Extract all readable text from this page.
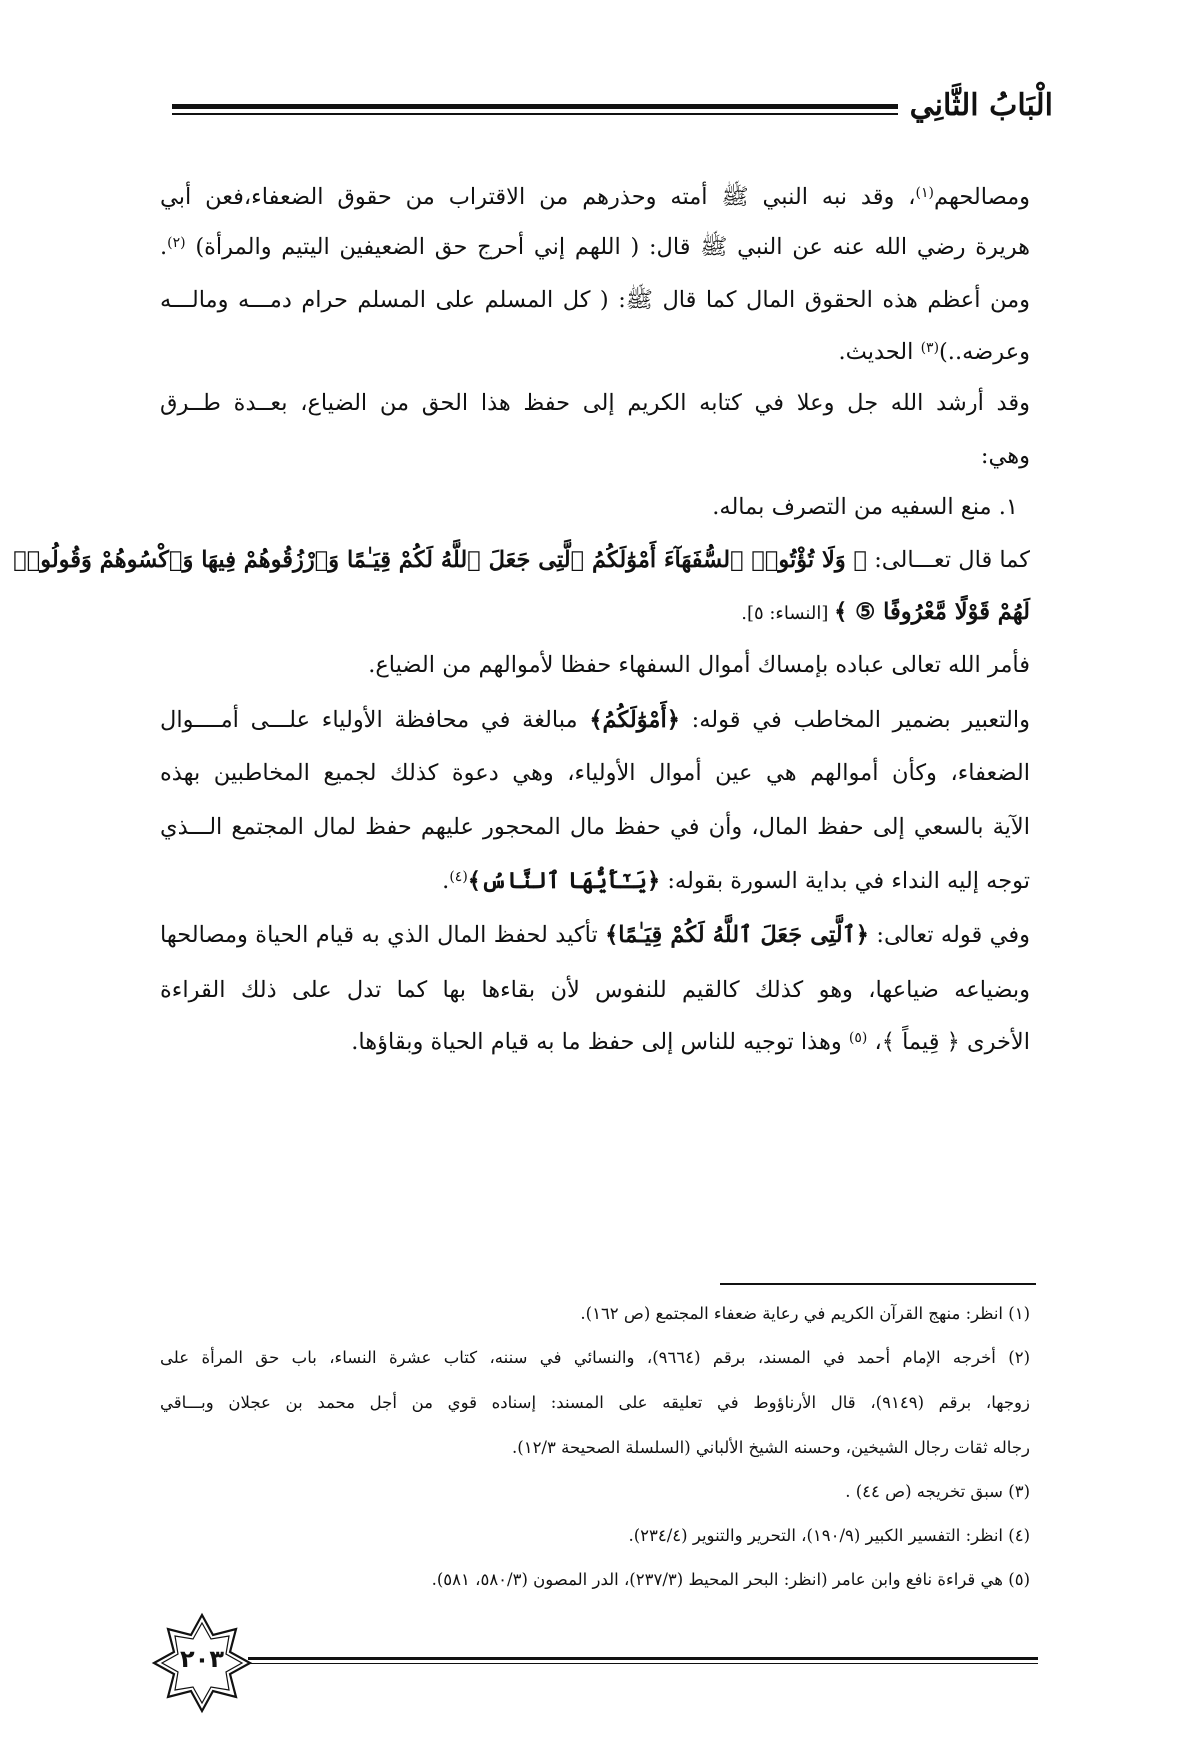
الْبَابُ الثَّانِي
ومصالحهم$^{(١)}$، وقد نبه النبي ﷺ أمته وحذرهم من الاقتراب من حقوق الضعفاء،فعن أبي
هريرة رضي الله عنه عن النبي ﷺ قال: ( اللهم إني أحرج حق الضعيفين اليتيم والمرأة) $^{(٢)}$.
ومن أعظم هذه الحقوق المال كما قال ﷺ: ( كل المسلم على المسلم حرام دمـــه ومالـــه
وعرضه..)$^{(٣)}$ الحديث.
وقد أرشد الله جل وعلا في كتابه الكريم إلى حفظ هذا الحق من الضياع، بعــدة طــرق
وهي:
١. منع السفيه من التصرف بماله.
كما قال تعـــالى: ﴿ وَلَا تُؤْتُوا۟ ٱلسُّفَهَآءَ أَمْوَٰلَكُمُ ٱلَّتِى جَعَلَ ٱللَّهُ لَكُمْ قِيَـٰمًا وَٱرْزُقُوهُمْ فِيهَا وَٱكْسُوهُمْ وَقُولُوا۟
لَهُمْ قَوْلًا مَّعْرُوفًا ⑤ ﴾ [النساء: ٥].
فأمر الله تعالى عباده بإمساك أموال السفهاء حفظا لأموالهم من الضياع.
والتعبير بضمير المخاطب في قوله: ﴿أَمْوَٰلَكُمُ﴾ مبالغة في محافظة الأولياء علـــى أمــــوال
الضعفاء، وكأن أموالهم هي عين أموال الأولياء، وهي دعوة كذلك لجميع المخاطبين بهذه
الآية بالسعي إلى حفظ المال، وأن في حفظ مال المحجور عليهم حفظ لمال المجتمع الـــذي
توجه إليه النداء في بداية السورة بقوله: ﴿يَـٰٓأَيُّهَا ٱلنَّاسُ﴾$^{(٤)}$.
وفي قوله تعالى: ﴿ٱلَّتِى جَعَلَ ٱللَّهُ لَكُمْ قِيَـٰمًا﴾ تأكيد لحفظ المال الذي به قيام الحياة ومصالحها
وبضياعه ضياعها، وهو كذلك كالقيم للنفوس لأن بقاءها بها كما تدل على ذلك القراءة
الأخرى ﴿ قِيماً ﴾، $^{(٥)}$ وهذا توجيه للناس إلى حفظ ما به قيام الحياة وبقاؤها.
(١) انظر: منهج القرآن الكريم في رعاية ضعفاء المجتمع (ص ١٦٢).
(٢) أخرجه الإمام أحمد في المسند، برقم (٩٦٦٤)، والنسائي في سننه، كتاب عشرة النساء، باب حق المرأة على
زوجها، برقم (٩١٤٩)، قال الأرناؤوط في تعليقه على المسند: إسناده قوي من أجل محمد بن عجلان وبـــاقي
رجاله ثقات رجال الشيخين، وحسنه الشيخ الألباني (السلسلة الصحيحة ١٢/٣).
(٣) سبق تخريجه (ص ٤٤) .
(٤) انظر: التفسير الكبير (١٩٠/٩)، التحرير والتنوير (٢٣٤/٤).
(٥) هي قراءة نافع وابن عامر (انظر: البحر المحيط (٢٣٧/٣)، الدر المصون (٥٨٠/٣، ٥٨١).
٢٠٣
